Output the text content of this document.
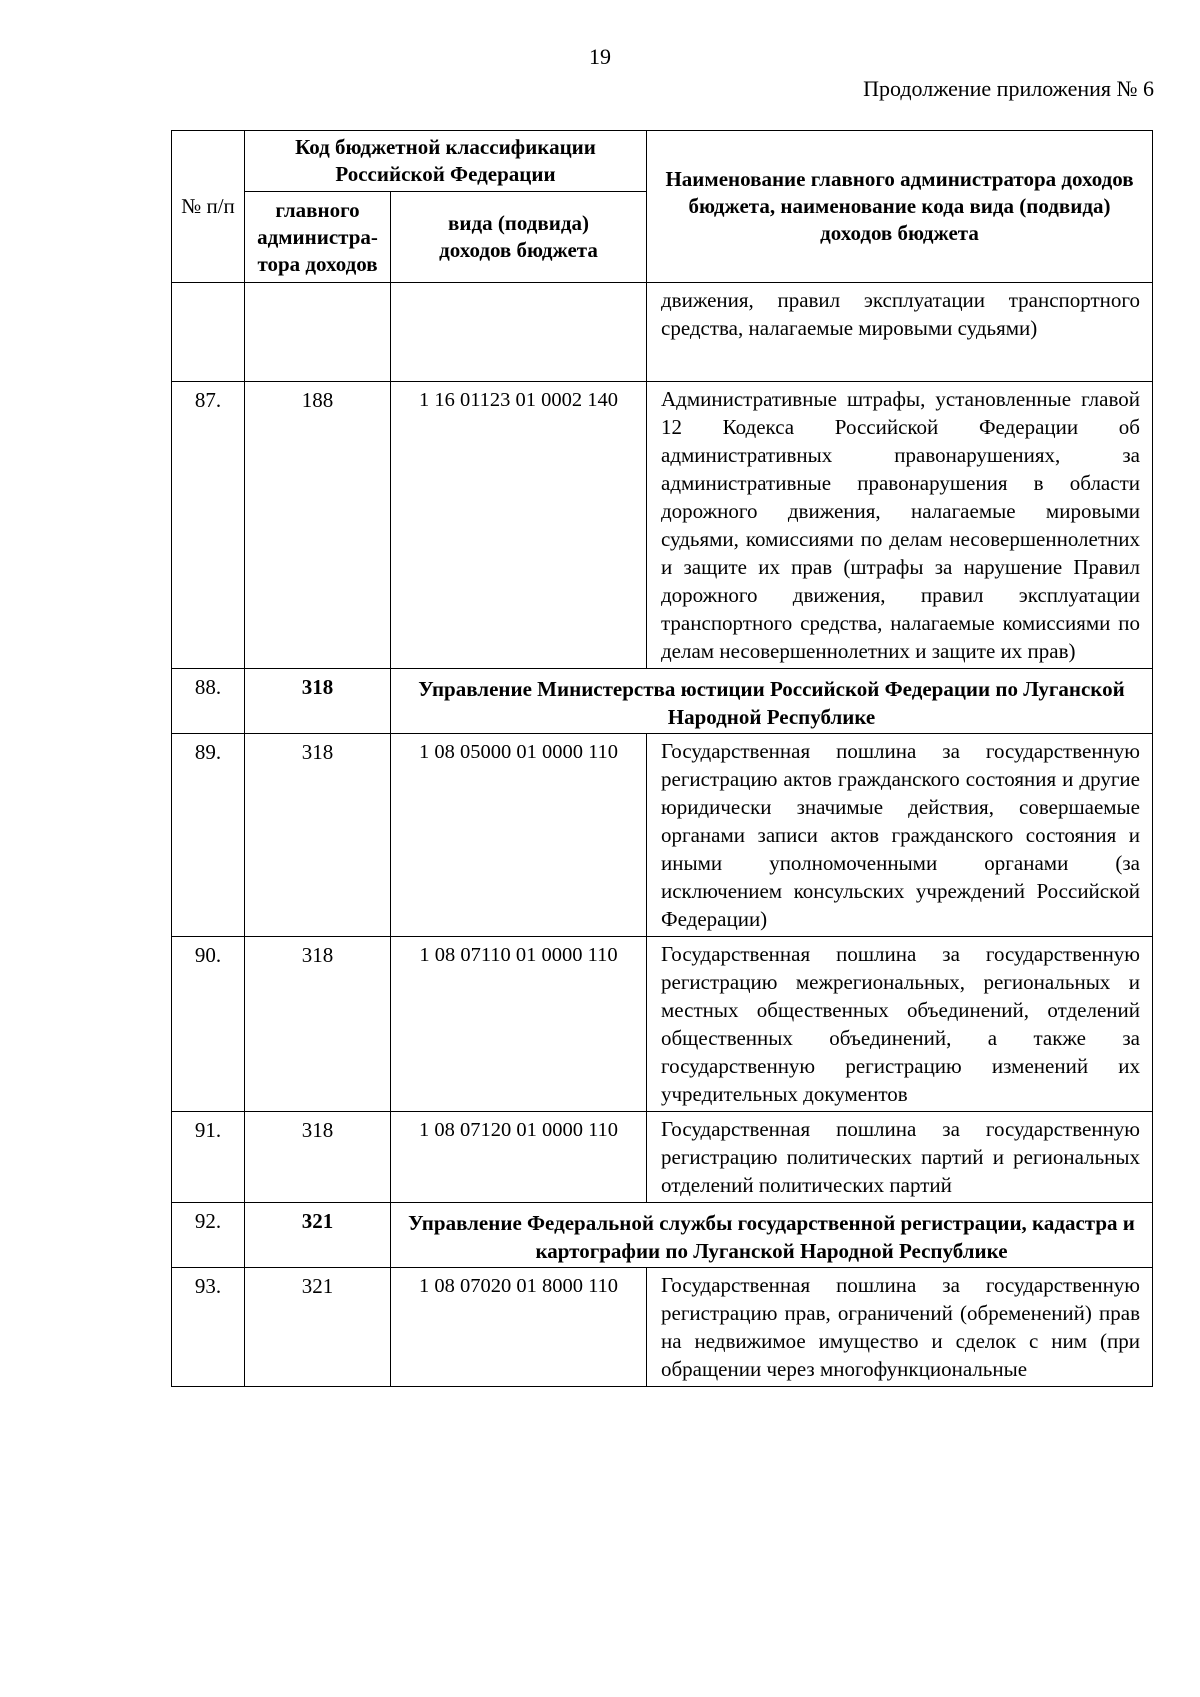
19
Продолжение приложения № 6
№ п/п	Код бюджетной классификации Российской Федерации		Наименование главного администратора доходов бюджета, наименование кода вида (подвида) доходов бюджета
	главного администра-тора доходов	вида (подвида) доходов бюджета	
			движения, правил эксплуатации транспортного средства, налагаемые мировыми судьями)
87.	188	1 16 01123 01 0002 140	Административные штрафы, установленные главой 12 Кодекса Российской Федерации об административных правонарушениях, за административные правонарушения в области дорожного движения, налагаемые мировыми судьями, комиссиями по делам несовершеннолетних и защите их прав (штрафы за нарушение Правил дорожного движения, правил эксплуатации транспортного средства, налагаемые комиссиями по делам несовершеннолетних и защите их прав)
88.	318	Управление Министерства юстиции Российской Федерации по Луганской Народной Республике	
89.	318	1 08 05000 01 0000 110	Государственная пошлина за государственную регистрацию актов гражданского состояния и другие юридически значимые действия, совершаемые органами записи актов гражданского состояния и иными уполномоченными органами (за исключением консульских учреждений Российской Федерации)
90.	318	1 08 07110 01 0000 110	Государственная пошлина за государственную регистрацию межрегиональных, региональных и местных общественных объединений, отделений общественных объединений, а также за государственную регистрацию изменений их учредительных документов
91.	318	1 08 07120 01 0000 110	Государственная пошлина за государственную регистрацию политических партий и региональных отделений политических партий
92.	321	Управление Федеральной службы государственной регистрации, кадастра и картографии по Луганской Народной Республике	
93.	321	1 08 07020 01 8000 110	Государственная пошлина за государственную регистрацию прав, ограничений (обременений) прав на недвижимое имущество и сделок с ним (при обращении через многофункциональные
